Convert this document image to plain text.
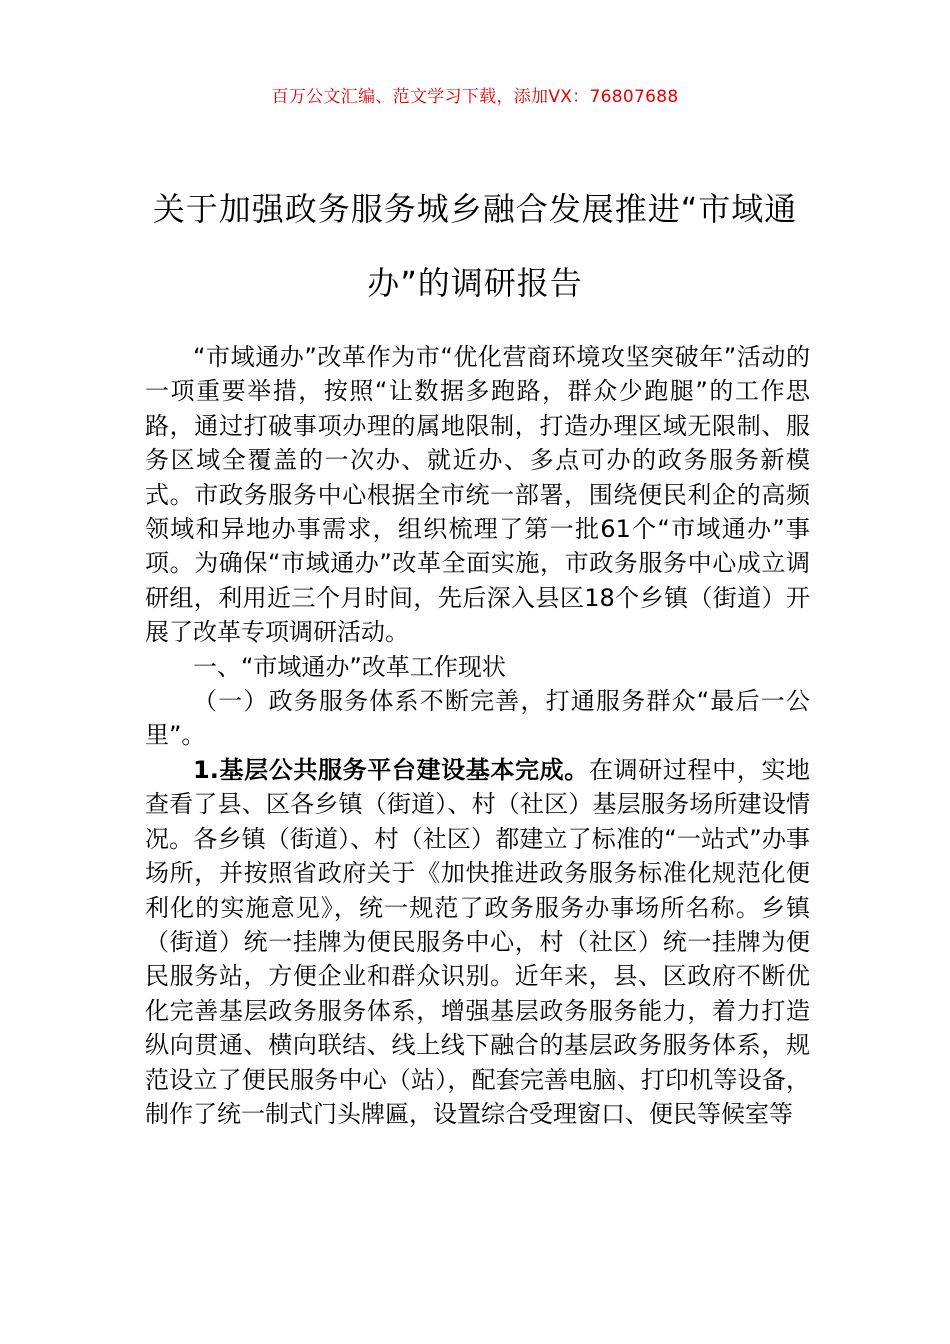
百万公文汇编、范文学习下载，添加VX：76807688
关于加强政务服务城乡融合发展推进“市域通办”的调研报告

“市域通办”改革作为市“优化营商环境攻坚突破年”活动的一项重要举措，按照“让数据多跑路，群众少跑腿”的工作思路，通过打破事项办理的属地限制，打造办理区域无限制、服务区域全覆盖的一次办、就近办、多点可办的政务服务新模式。市政务服务中心根据全市统一部署，围绕便民利企的高频领域和异地办事需求，组织梳理了第一批61个“市域通办”事项。为确保“市域通办”改革全面实施，市政务服务中心成立调研组，利用近三个月时间，先后深入县区18个乡镇（街道）开展了改革专项调研活动。

一、“市域通办”改革工作现状

（一）政务服务体系不断完善，打通服务群众“最后一公里”。

1.基层公共服务平台建设基本完成。在调研过程中，实地查看了县、区各乡镇（街道）、村（社区）基层服务场所建设情况。各乡镇（街道）、村（社区）都建立了标准的“一站式”办事场所，并按照省政府关于《加快推进政务服务标准化规范化便利化的实施意见》，统一规范了政务服务办事场所名称。乡镇（街道）统一挂牌为便民服务中心，村（社区）统一挂牌为便民服务站，方便企业和群众识别。近年来，县、区政府不断优化完善基层政务服务体系，增强基层政务服务能力，着力打造纵向贯通、横向联结、线上线下融合的基层政务服务体系，规范设立了便民服务中心（站），配套完善电脑、打印机等设备，制作了统一制式门头牌匾，设置综合受理窗口、便民等候室等
